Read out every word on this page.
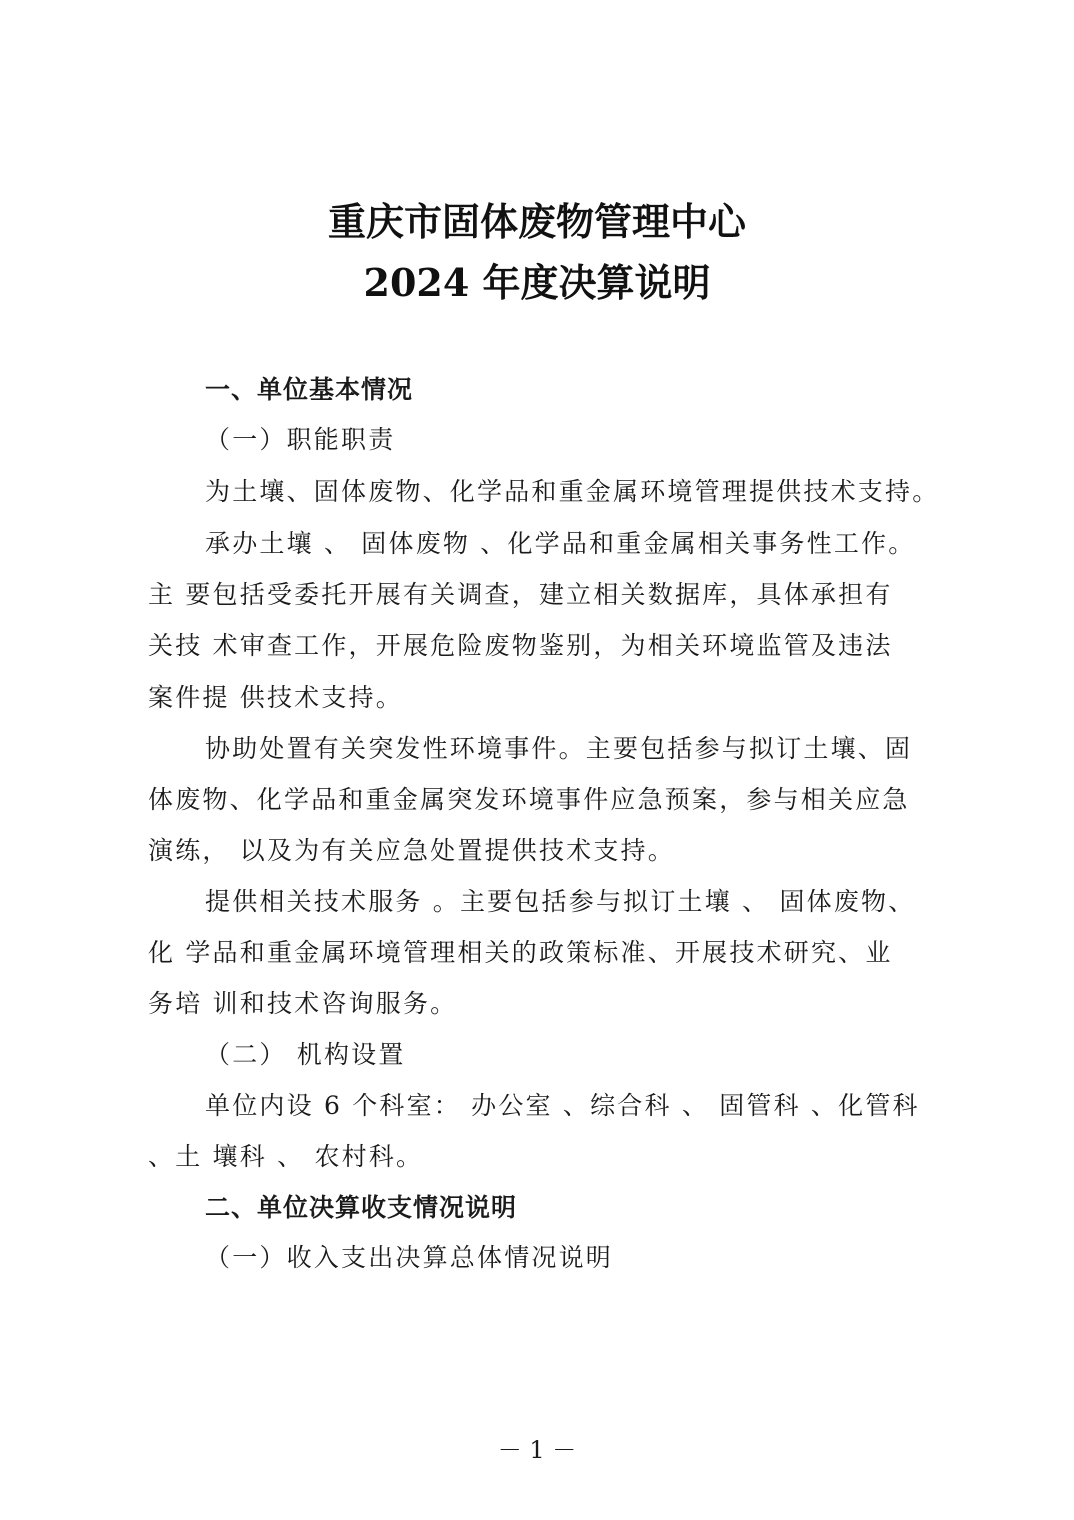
重庆市固体废物管理中心
2024 年度决算说明
一、单位基本情况
（一）职能职责
为土壤、固体废物、化学品和重金属环境管理提供技术支持。
承办土壤 、 固体废物 、化学品和重金属相关事务性工作。
主 要包括受委托开展有关调查，建立相关数据库，具体承担有
关技 术审查工作，开展危险废物鉴别，为相关环境监管及违法
案件提 供技术支持。
协助处置有关突发性环境事件。主要包括参与拟订土壤、固
体废物、化学品和重金属突发环境事件应急预案，参与相关应急
演练， 以及为有关应急处置提供技术支持。
提供相关技术服务 。主要包括参与拟订土壤 、 固体废物、
化 学品和重金属环境管理相关的政策标准、开展技术研究、业
务培 训和技术咨询服务。
（二） 机构设置
单位内设 6 个科室： 办公室 、综合科 、 固管科 、化管科
、土 壤科 、 农村科。
二、单位决算收支情况说明
（一）收入支出决算总体情况说明
－ 1 －
